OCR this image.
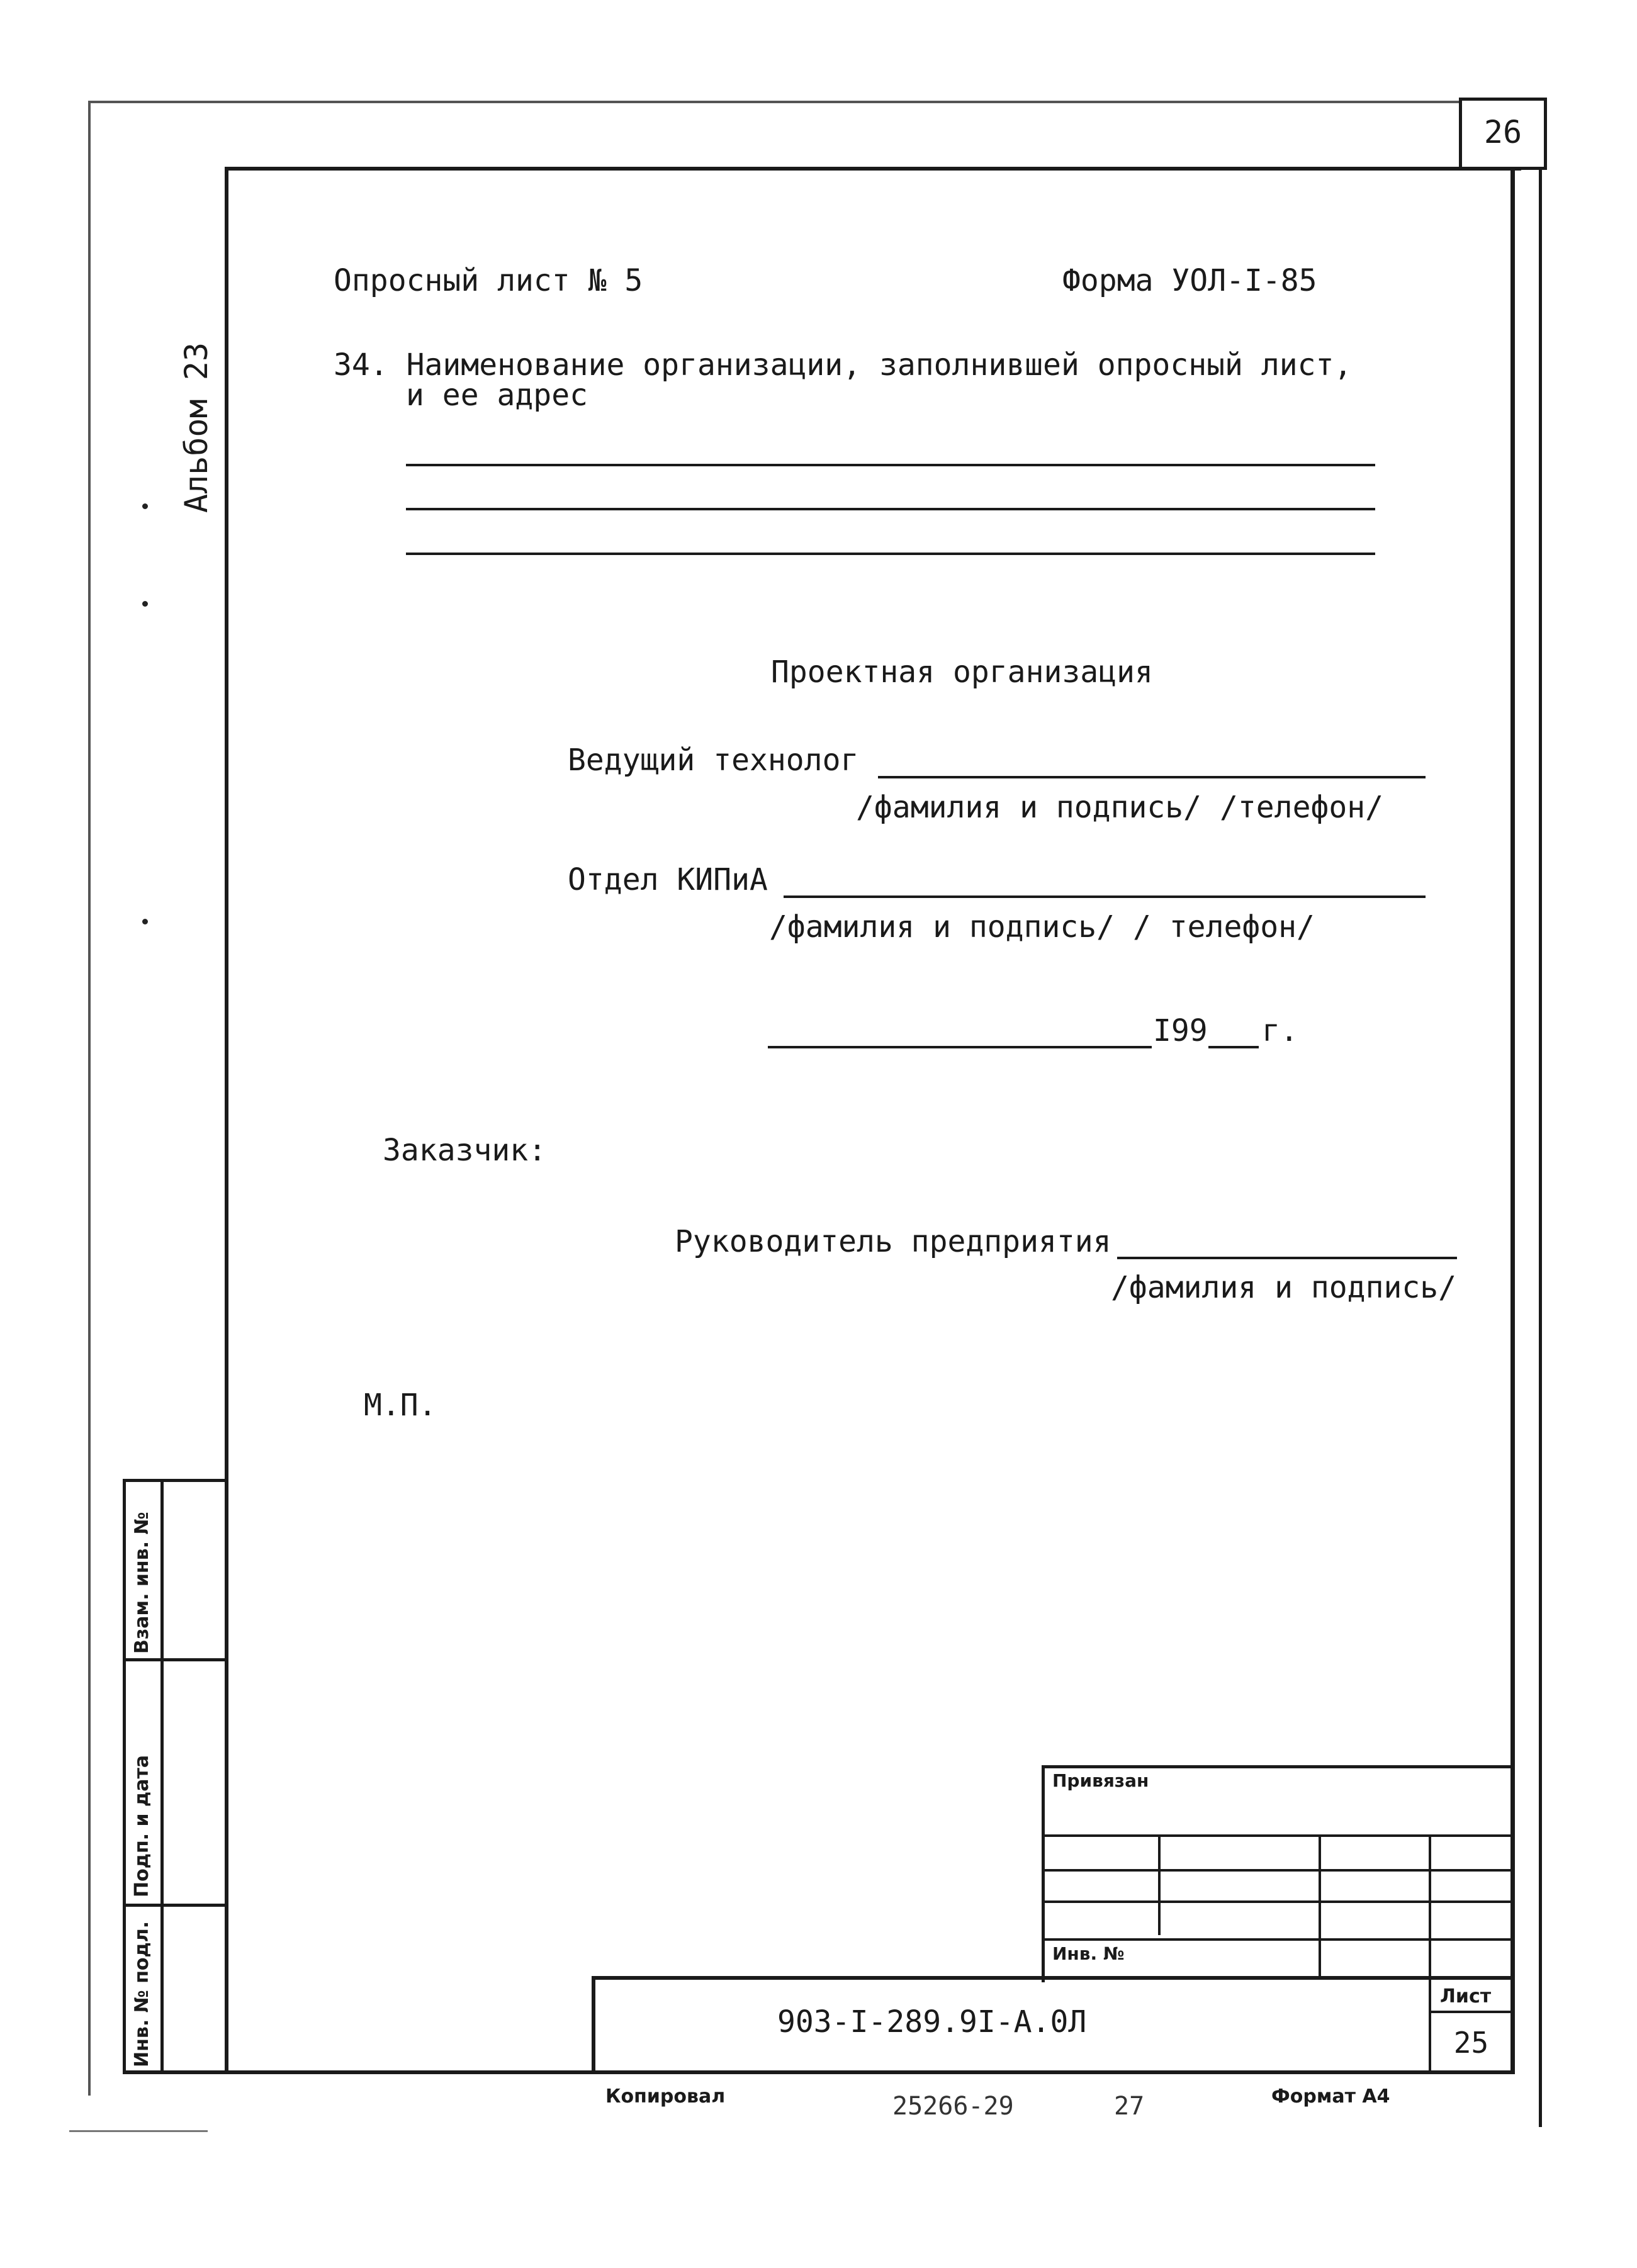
26
Альбом 23
Опросный лист № 5	Форма УОЛ-I-85
34. Наименование организации, заполнившей опросный лист,
и ее адрес
Проектная организация
Ведущий технолог
/фамилия и подпись/ /телефон/
Отдел КИПиА
/фамилия и подпись/ / телефон/
I99 г.
Заказчик:
Руководитель предприятия
/фамилия и подпись/
М.П.
Взам. инв. №
Подп. и дата
Инв. № подл.
Привязан
Инв. №
903-I-289.9I-A.0Л
Лист
25
Копировал	25266-29	27	Формат А4
